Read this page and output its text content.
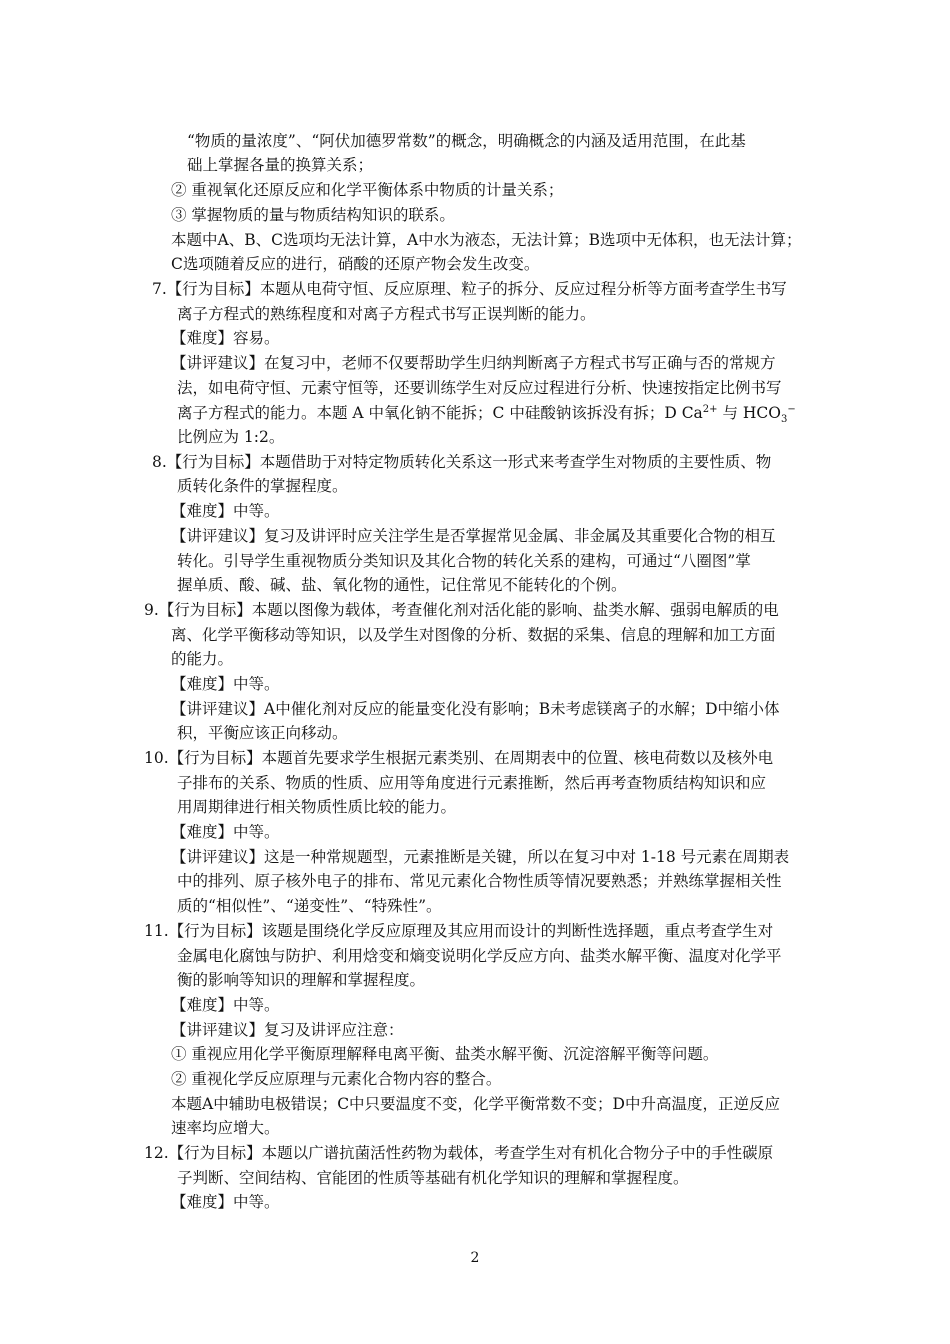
“物质的量浓度”、“阿伏加德罗常数”的概念，明确概念的内涵及适用范围，在此基
础上掌握各量的换算关系；
② 重视氧化还原反应和化学平衡体系中物质的计量关系；
③ 掌握物质的量与物质结构知识的联系。
本题中A、B、C选项均无法计算，A中水为液态，无法计算；B选项中无体积，也无法计算；
C选项随着反应的进行，硝酸的还原产物会发生改变。
7.【行为目标】本题从电荷守恒、反应原理、粒子的拆分、反应过程分析等方面考查学生书写
离子方程式的熟练程度和对离子方程式书写正误判断的能力。
【难度】容易。
【讲评建议】在复习中，老师不仅要帮助学生归纳判断离子方程式书写正确与否的常规方
法，如电荷守恒、元素守恒等，还要训练学生对反应过程进行分析、快速按指定比例书写
离子方程式的能力。本题 A 中氧化钠不能拆；C 中硅酸钠该拆没有拆；D $Ca^{2+}$ 与 $HCO_3^-$
比例应为 1:2。
8.【行为目标】本题借助于对特定物质转化关系这一形式来考查学生对物质的主要性质、物
质转化条件的掌握程度。
【难度】中等。
【讲评建议】复习及讲评时应关注学生是否掌握常见金属、非金属及其重要化合物的相互
转化。引导学生重视物质分类知识及其化合物的转化关系的建构，可通过“八圈图”掌
握单质、酸、碱、盐、氧化物的通性，记住常见不能转化的个例。
9.【行为目标】本题以图像为载体，考查催化剂对活化能的影响、盐类水解、强弱电解质的电
离、化学平衡移动等知识，以及学生对图像的分析、数据的采集、信息的理解和加工方面
的能力。
【难度】中等。
【讲评建议】A中催化剂对反应的能量变化没有影响；B未考虑镁离子的水解；D中缩小体
积，平衡应该正向移动。
10.【行为目标】本题首先要求学生根据元素类别、在周期表中的位置、核电荷数以及核外电
子排布的关系、物质的性质、应用等角度进行元素推断，然后再考查物质结构知识和应
用周期律进行相关物质性质比较的能力。
【难度】中等。
【讲评建议】这是一种常规题型，元素推断是关键，所以在复习中对 1-18 号元素在周期表
中的排列、原子核外电子的排布、常见元素化合物性质等情况要熟悉；并熟练掌握相关性
质的“相似性”、“递变性”、“特殊性”。
11.【行为目标】该题是围绕化学反应原理及其应用而设计的判断性选择题，重点考查学生对
金属电化腐蚀与防护、利用焓变和熵变说明化学反应方向、盐类水解平衡、温度对化学平
衡的影响等知识的理解和掌握程度。
【难度】中等。
【讲评建议】复习及讲评应注意：
① 重视应用化学平衡原理解释电离平衡、盐类水解平衡、沉淀溶解平衡等问题。
② 重视化学反应原理与元素化合物内容的整合。
本题A中辅助电极错误；C中只要温度不变，化学平衡常数不变；D中升高温度，正逆反应
速率均应增大。
12.【行为目标】本题以广谱抗菌活性药物为载体，考查学生对有机化合物分子中的手性碳原
子判断、空间结构、官能团的性质等基础有机化学知识的理解和掌握程度。
【难度】中等。
2
